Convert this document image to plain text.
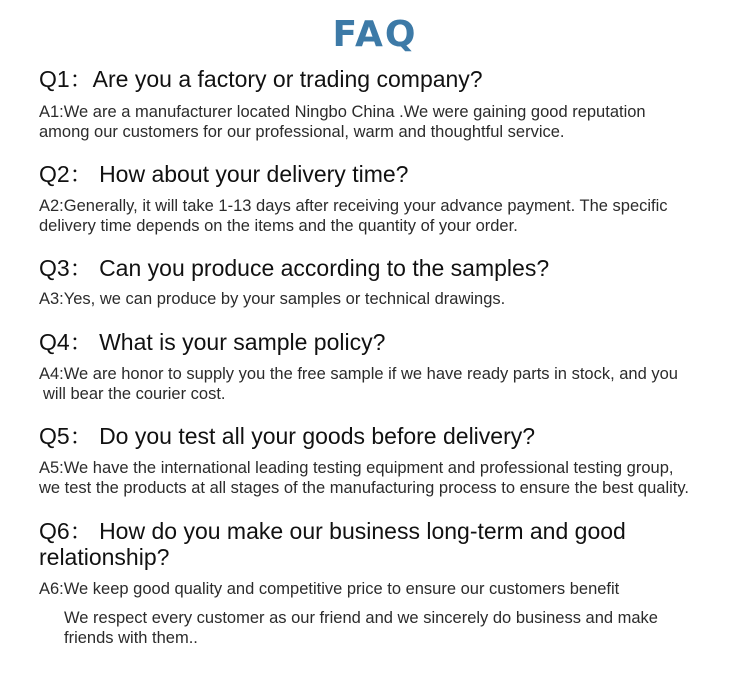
FAQ
Q1：Are you a factory or trading company?
A1:We are a manufacturer located Ningbo China .We were gaining good reputation
among our customers for our professional, warm and thoughtful service.
Q2： How about your delivery time?
A2:Generally, it will take 1-13 days after receiving your advance payment. The specific
delivery time depends on the items and the quantity of your order.
Q3： Can you produce according to the samples?
A3:Yes, we can produce by your samples or technical drawings.
Q4： What is your sample policy?
A4:We are honor to supply you the free sample if we have ready parts in stock, and you
will bear the courier cost.
Q5： Do you test all your goods before delivery?
A5:We have the international leading testing equipment and professional testing group,
we test the products at all stages of the manufacturing process to ensure the best quality.
Q6： How do you make our business long-term and good
relationship?
A6:We keep good quality and competitive price to ensure our customers benefit
We respect every customer as our friend and we sincerely do business and make
friends with them..
